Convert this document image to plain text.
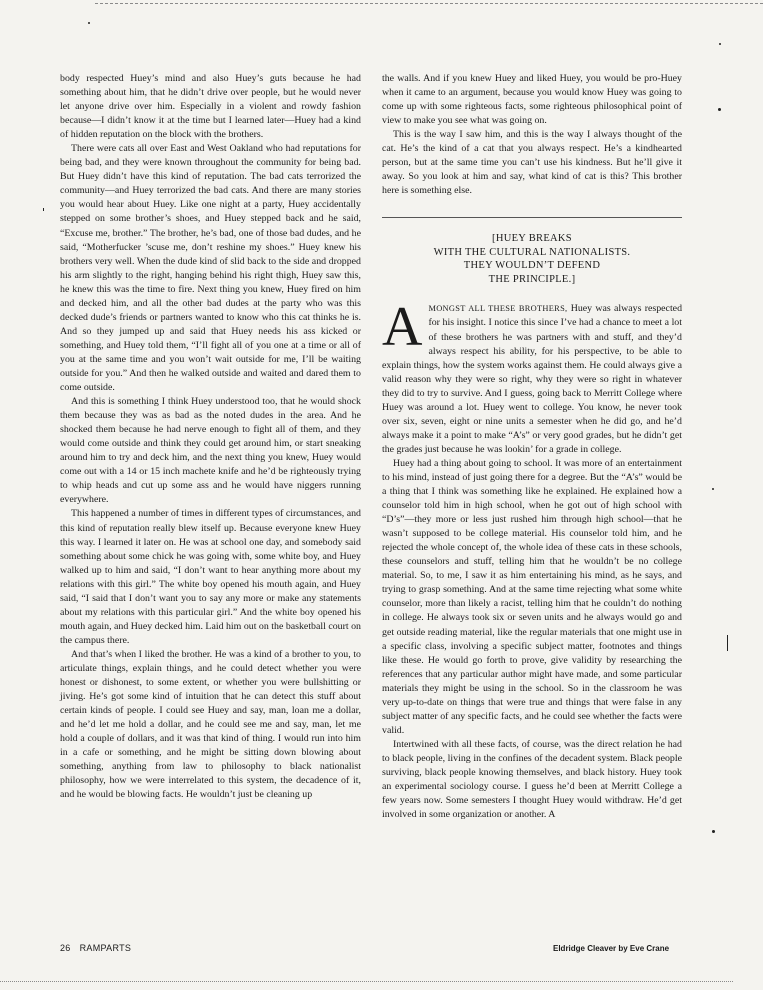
body respected Huey’s mind and also Huey’s guts because he had something about him, that he didn’t drive over people, but he would never let anyone drive over him. Especially in a violent and rowdy fashion because—I didn’t know it at the time but I learned later—Huey had a kind of hidden reputation on the block with the brothers.

There were cats all over East and West Oakland who had reputations for being bad, and they were known throughout the community for being bad. But Huey didn’t have this kind of reputation. The bad cats terrorized the community—and Huey terrorized the bad cats. And there are many stories you would hear about Huey. Like one night at a party, Huey accidentally stepped on some brother’s shoes, and Huey stepped back and he said, “Excuse me, brother.” The brother, he’s bad, one of those bad dudes, and he said, “Motherfucker ’scuse me, don’t reshine my shoes.” Huey knew his brothers very well. When the dude kind of slid back to the side and dropped his arm slightly to the right, hanging behind his right thigh, Huey saw this, he knew this was the time to fire. Next thing you knew, Huey fired on him and decked him, and all the other bad dudes at the party who was this decked dude’s friends or partners wanted to know who this cat thinks he is. And so they jumped up and said that Huey needs his ass kicked or something, and Huey told them, “I’ll fight all of you one at a time or all of you at the same time and you won’t wait outside for me, I’ll be waiting outside for you.” And then he walked outside and waited and dared them to come outside.

And this is something I think Huey understood too, that he would shock them because they was as bad as the noted dudes in the area. And he shocked them because he had nerve enough to fight all of them, and they would come outside and think they could get around him, or start sneaking around him to try and deck him, and the next thing you knew, Huey would come out with a 14 or 15 inch machete knife and he’d be righteously trying to whip heads and cut up some ass and he would have niggers running everywhere.

This happened a number of times in different types of circumstances, and this kind of reputation really blew itself up. Because everyone knew Huey this way. I learned it later on. He was at school one day, and somebody said something about some chick he was going with, some white boy, and Huey walked up to him and said, “I don’t want to hear anything more about my relations with this girl.” The white boy opened his mouth again, and Huey said, “I said that I don’t want you to say any more or make any statements about my relations with this particular girl.” And the white boy opened his mouth again, and Huey decked him. Laid him out on the basketball court on the campus there.

And that’s when I liked the brother. He was a kind of a brother to you, to articulate things, explain things, and he could detect whether you were honest or dishonest, to some extent, or whether you were bullshitting or jiving. He’s got some kind of intuition that he can detect this stuff about certain kinds of people. I could see Huey and say, man, loan me a dollar, and he’d let me hold a dollar, and he could see me and say, man, let me hold a couple of dollars, and it was that kind of thing. I would run into him in a cafe or something, and he might be sitting down blowing about something, anything from law to philosophy to black nationalist philosophy, how we were interrelated to this system, the decadence of it, and he would be blowing facts. He wouldn’t just be cleaning up

the walls. And if you knew Huey and liked Huey, you would be pro-Huey when it came to an argument, because you would know Huey was going to come up with some righteous facts, some righteous philosophical point of view to make you see what was going on.

This is the way I saw him, and this is the way I always thought of the cat. He’s the kind of a cat that you always respect. He’s a kindhearted person, but at the same time you can’t use his kindness. But he’ll give it away. So you look at him and say, what kind of cat is this? This brother here is something else.

[HUEY BREAKS
WITH THE CULTURAL NATIONALISTS.
THEY WOULDN’T DEFEND
THE PRINCIPLE.]

AMONGST ALL THESE BROTHERS, Huey was always respected for his insight. I notice this since I’ve had a chance to meet a lot of these brothers he was partners with and stuff, and they’d always respect his ability, for his perspective, to be able to explain things, how the system works against them. He could always give a valid reason why they were so right, why they were so right in whatever they did to try to survive. And I guess, going back to Merritt College where Huey was around a lot. Huey went to college. You know, he never took over six, seven, eight or nine units a semester when he did go, and he’d always make it a point to make “A’s” or very good grades, but he didn’t get the grades just because he was lookin’ for a grade in college.

Huey had a thing about going to school. It was more of an entertainment to his mind, instead of just going there for a degree. But the “A’s” would be a thing that I think was something like he explained. He explained how a counselor told him in high school, when he got out of high school with “D’s”—they more or less just rushed him through high school—that he wasn’t supposed to be college material. His counselor told him, and he rejected the whole concept of, the whole idea of these cats in these schools, these counselors and stuff, telling him that he wouldn’t be no college material. So, to me, I saw it as him entertaining his mind, as he says, and trying to grasp something. And at the same time rejecting what some white counselor, more than likely a racist, telling him that he couldn’t do nothing in college. He always took six or seven units and he always would go and get outside reading material, like the regular materials that one might use in a specific class, involving a specific subject matter, footnotes and things like these. He would go forth to prove, give validity by researching the references that any particular author might have made, and some particular materials they might be using in the school. So in the classroom he was very up-to-date on things that were true and things that were false in any subject matter of any specific facts, and he could see whether the facts were valid.

Intertwined with all these facts, of course, was the direct relation he had to black people, living in the confines of the decadent system. Black people surviving, black people knowing themselves, and black history. Huey took an experimental sociology course. I guess he’d been at Merritt College a few years now. Some semesters I thought Huey would withdraw. He’d get involved in some organization or another. A

26 RAMPARTS	Eldridge Cleaver by Eve Crane
